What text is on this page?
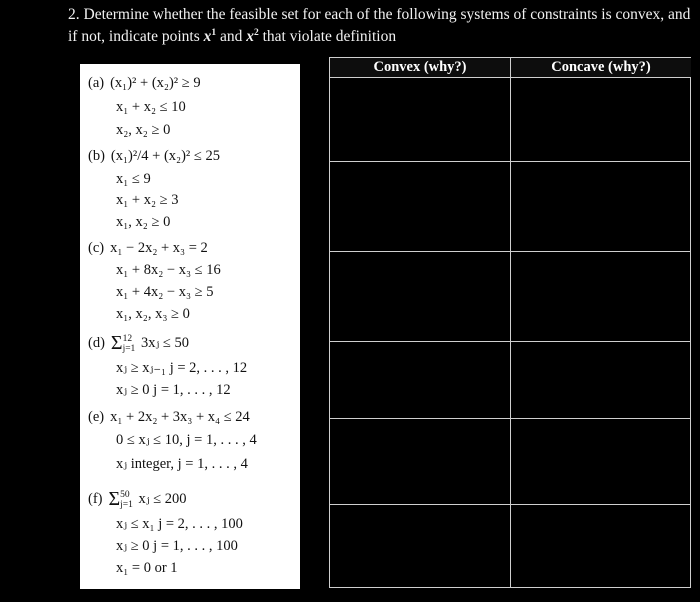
2. Determine whether the feasible set for each of the following systems of constraints is convex, and if not, indicate points $x^1$ and $x^2$ that violate definition
(a) (x₁)² + (x₂)² ≥ 9
x₁ + x₂ ≤ 10
x₂, x₂ ≥ 0
(b) (x₁)²/4 + (x₂)² ≤ 25
x₁ ≤ 9
x₁ + x₂ ≥ 3
x₁, x₂ ≥ 0
(c) x₁ − 2x₂ + x₃ = 2
x₁ + 8x₂ − x₃ ≤ 16
x₁ + 4x₂ − x₃ ≥ 5
x₁, x₂, x₃ ≥ 0
(d) Σ12
j=1 3xⱼ ≤ 50
xⱼ ≥ xⱼ₋₁ j = 2, . . . , 12
xⱼ ≥ 0 j = 1, . . . , 12
(e) x₁ + 2x₂ + 3x₃ + x₄ ≤ 24
0 ≤ xⱼ ≤ 10, j = 1, . . . , 4
xⱼ integer, j = 1, . . . , 4
(f) Σ50
j=1 xⱼ ≤ 200
xⱼ ≤ x₁ j = 2, . . . , 100
xⱼ ≥ 0 j = 1, . . . , 100
x₁ = 0 or 1
Convex (why?)	Concave (why?)
